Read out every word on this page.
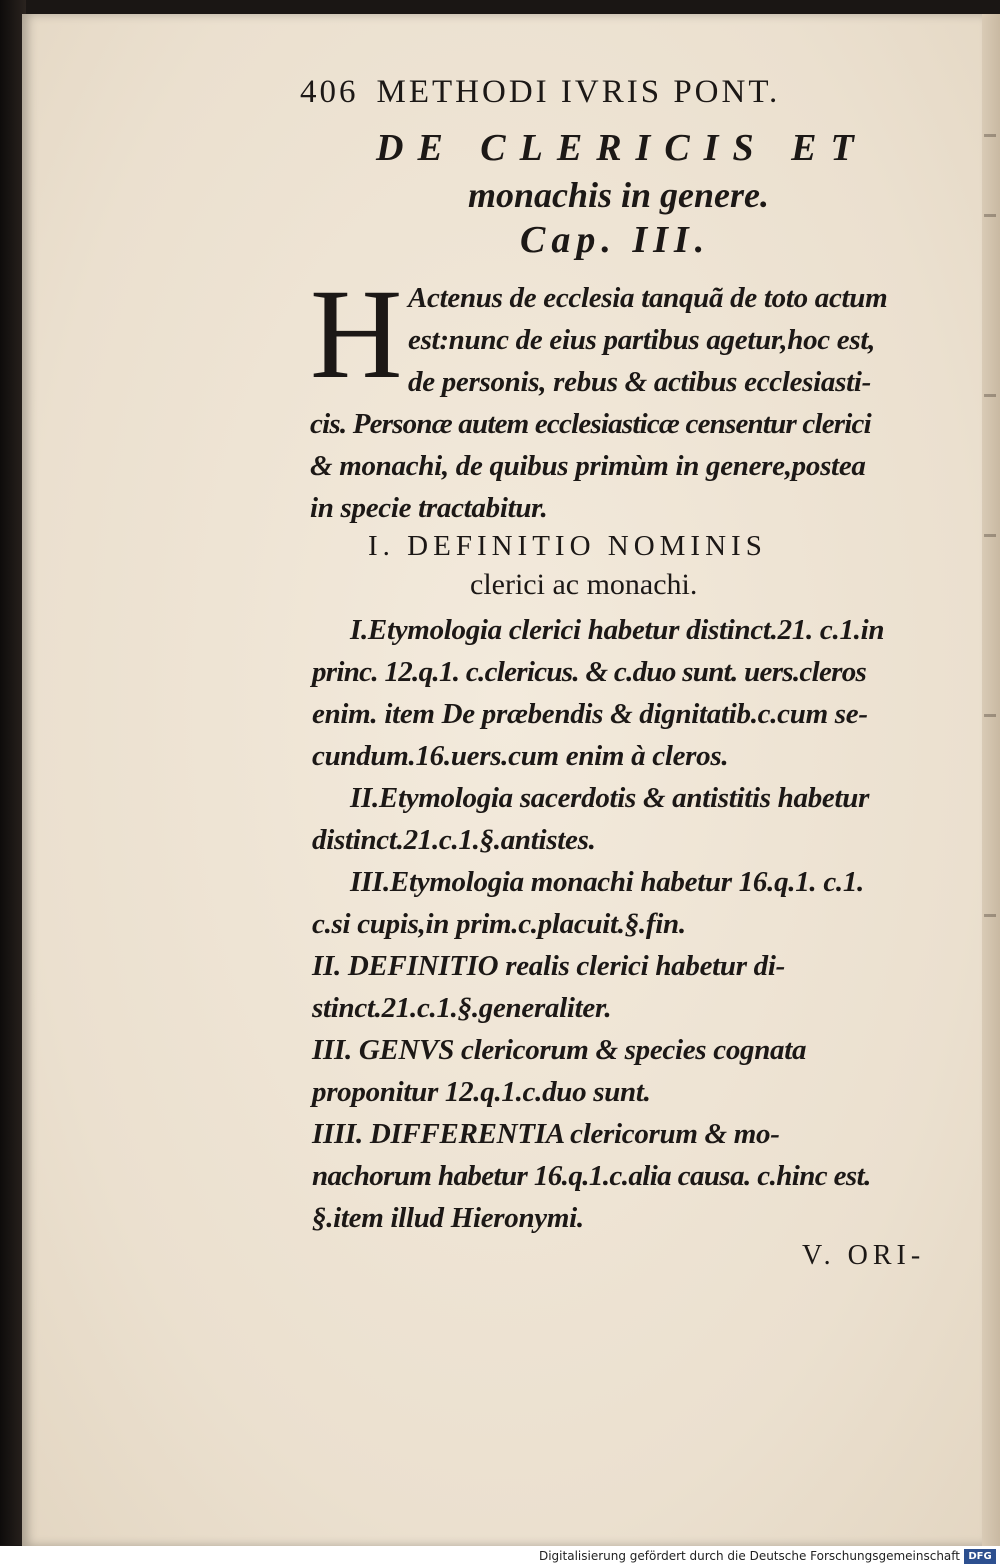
406 METHODI IVRIS PONT.
DE CLERICIS ET
monachis in genere.
Cap. III.
H Actenus de ecclesia tanquã de toto actum
est:nunc de eius partibus agetur,hoc est,
de personis, rebus & actibus ecclesiasti-
cis. Personæ autem ecclesiasticæ censentur clerici
& monachi, de quibus primùm in genere,postea
in specie tractabitur.
I. DEFINITIO NOMINIS
clerici ac monachi.
I.Etymologia clerici habetur distinct.21. c.1.in
princ. 12.q.1. c.clericus. & c.duo sunt. uers.cleros
enim. item De præbendis & dignitatib.c.cum se-
cundum.16.uers.cum enim à cleros.
II.Etymologia sacerdotis & antistitis habetur
distinct.21.c.1.§.antistes.
III.Etymologia monachi habetur 16.q.1. c.1.
c.si cupis,in prim.c.placuit.§.fin.
II. DEFINITIO realis clerici habetur di-
stinct.21.c.1.§.generaliter.
III. GENVS clericorum & species cognata
proponitur 12.q.1.c.duo sunt.
IIII. DIFFERENTIA clericorum & mo-
nachorum habetur 16.q.1.c.alia causa. c.hinc est.
§.item illud Hieronymi.
V. ORI-
Digitalisierung gefördert durch die Deutsche Forschungsgemeinschaft DFG
